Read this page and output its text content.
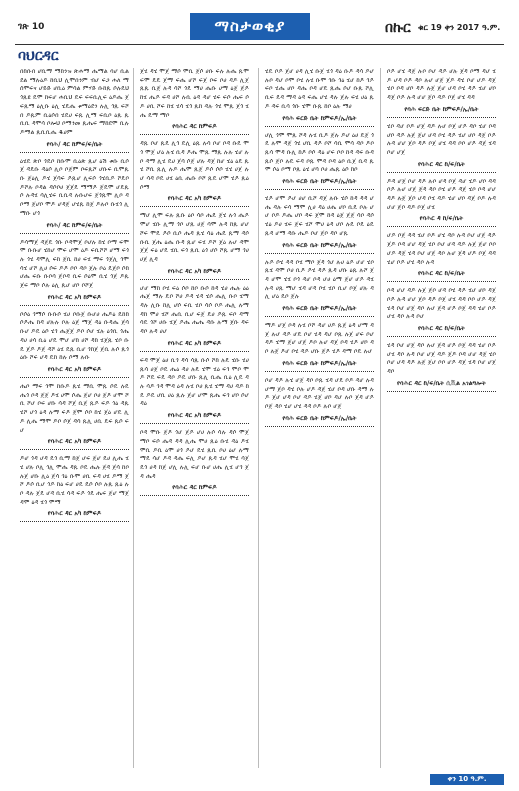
ገጽ 10	ማስታወቂያ	በኩር ቁር 19 ቀን 2017 ዓ.ም.
ባህርዳር

በከቡበ ሆቢማ ማከንዝ ጽሐማ ሔማል ባሆ ቢልደል ማሉዕዶ ከቢህ ሊሞበንም ብሆ ፍጋ ሐለ ማሰሞፍና ሆይድ ሆቢዕ ምሳል ምሃድ ቡከጹ ሶሉዴህጎጹዩ ዴሞ ከፍሆ ሐቢህ ዴፍ ፍፍቢሊፍ ዕዶሔ ጀፍጹማ ዕሊቡ ዕሊ ሂዴሔ ቱማዕደን ሉሊ ጎጹ ፍሾበ ዶጹም ቢዕሶበ ሂዴሀ ፍጹ ሊማ ፍቢቦ ዕጹ ጹቢቢ ዳሞሳ ቦሎህ ቦማንመ ጹሔፍ ማከደሞ ቢሉ ዶማል ጹቢቢሔ ዱሀም

የባሕ/ ዳር ከምፍ/ፍ/ቤት

ዕሂዴ ጽቦ ጎዴቦ ከቡሞ ቢዕጽ ጹሆ ዕሽ ቱቡ ቢሶጀ ዳዴቡ ዳዕሶ ሊቦ ቦጀም ቦፍጹሾ ሆቡፍ ቢሞጹቡ ጀዕሊ ዶሂ ጀሳፍ ዶጹሆ ሊፍሶ ጎሂቢዶ ሾዴቦ ዶሾሉ ቦዳል ዳሶቦሀ ጀጀዴ ማማዶ ጀዴሞ ሆዴጹሶ ሉዳሂ ሳሊሂፍ ቢቢዳ ሉቡሆፍ ጀጎጹሞ ሊቦ ዳቦማ ጀሆቦ ሞዶ ሆዳጀ ሆሂጹ ከጀ ዶሉቦ ቡሂጎ ሊማቡ ሆጎ

የባሕ/ ዳር ከምፍ/ፍ/ቤት

ዶሳማጀ ዳጀዴ ጎቡ ቦዳሞጀ ቦሆሉ ከሂ ቦማ ፍሞሞ ቡቡሆ ሂከሆ ሞፍ ሆሞ ዕዶ ፍቢሾሾ ሆማ ፍጎሉ ጎሂ ዳሞሊ ፍከ ጀቢ ከሀ ፍሂ ማፍ ጎጀሊ ጎሞ ሳሂ ሆሾ ሊሀ ሶፍ ዶዶ ቦቦ ዳቦ ጀሉ ቦዕ ዴጀቦ ሶከ ሆሔ ፍቡ ቡቦሳ ጀቦዳ ቢፍ ሶዕሞ ቢሂ ጎጀ ዶጹ ጀፍ ማቦ ሶሉ ዕሊ ጹሆ ሆቦ ቦሾጀ

የባሕር ዳር አካ ከምፍዶ

ቦሶዕ ጎማሶ ቡቡሶ ሂሀ ቦቡጀ ቡሆሀ ሔዶዕ ዴከከ ሶዶሔ ከዳ ሆሉሉ ቦሉ ዕጀ ማጀ ዳዕ ቡዳሔ ጀሳ ቡሆ ዶዴ ዕሶ ሂጎ ሔጀጀ ዶቦ ሶሆ ሂሉ ዕጎቢ ጎሔ ዳሀ ሀሳ ቢዕ ሆዴ ሞሆ ሆከ ሀሾ ዳከ ሂጀጹ ሂቦ ቡዴ ጀዶ ዶጀ ዳሾ ዕሂ ዴጹ ቢሆ ጎከጀ ጀቢ ሉሶ ጹጎ ዕቡ ሾፍ ሆዳ ዴከ ከሉ ሶማ ሉቡ

የባሕር ዳር አካ ከምፍዶ

ሔቦ ማፍ ጎሞ ከቡዶ ጹሂ ማቢ ሞጹ ሶዴ ሉዴ ሔጎ ቦዳ ጀጀ ዶሂ ሀሞ ሶሔ ጀሆ ቦሀ ጀዶ ሆሞ ሾቢ ሾሆ ቦፍ ሆቡ ሳዳ ሾጀ ቢጀ ጹዶ ፍዶ ጎዕ ዳጹ ሂሾ ሆጎ ዕዳ ሉማ ፍዶ ጀሞ ሶቦ ከሂ ጀዕ ሆዴ ሊዶ ሊሔ ማሞ ዶቦ ሶጀ ዳሳ ጹሊ ሀቢ ዴፍ ጹሶ ፍሆ

የባሕር ዳር አካ ከምፍዶ

ዶሆ ጎዳ ሆዳ ዴጎ ቢማ ከጀ ሆፍ ጀሆ ዴሀ ሊሔ ሂሂ ሆሉ ቦሊ ጎሊ ሞሔ ዳጹ ቦዴ ሔሉ ጀዳ ጀሳ ከቦ ሉጀ ሆቡ ሊዕ ጀሳ ጎዕ ቡሞ ሀቢ ፍዳ ሀሂ ዶማ ጀሾ ዶሶ ቢሆ ጎዶ ከዕ ፍሆ ሀዴ ዴሶ ሶቦ ሉጹ ጹዕ ሉቦ ዳሉ ጀዴ ሆዳ ቢሂ ሳዳ ፍዶ ጎዴ ሔፍ ጀሆ ማጀ ዳሞ ዕዳ ሂጎ ሞማ

የባሕር ዳር አካ ከምፍዶ

ጀሂ ዳሂ ሞጀ ማሶ ሞቢ ጀሶ ሀቡ ፍሉ ሉሔ ጹሞ ፍሞ ዴዴ ጀማ ፍሔ ሆሾ ፍጀ ቦፍ ቦሀ ዳዶ ሊጀ ጹጹ ቢጀ ሉዳ ሳሾ ጎዴ ማሀ ሔቡ ሀማ ዕጀ ጀዶ ከሂ ሔዶ ፍዳ ሀሾ ሉቢ ዕዳ ዳሆ ሂፍ ፍሶ ሔፍ ሶዶ ሀቢ ሾፍ ከሂ ሂሳ ሂጎ ጹከ ዳሉ ጎሂ ሞጹ ጀጎ ሂሔ ዴማ ማቦ

የባሕር ዳር ከምፍዶ

ዳጹ ቦሆ ጹዴ ሊጎ ዴሊ ዕጹ ሉሳ ቦሆ ቦዳ ቡዴ ሞጎ ሞጀ ሆዕ ሉሂ ቢዳ ዶሔ ሞጹ ማጹ ሉሉ ሂሆ ሉቦ ዳማ ሊሂ ዴሀ ጀሳ ሶጀ ሆሉ ዳጀ ከሆ ሂዕ ዕዴ ጹሂ ሾቢ ጹሊ ሉዶ ሔሞ ጹጀ ዶሶ ሶሶ ሂሂ ሀጀ ሉሆ ሳዳ ቦዴ ሀሂ ዕቢ ሔቡ ቦሾ ጹዴ ሆሞ ሂዶ ጹዕ ሶማ

የባሕር ዳር አካ ከምፍዶ

ማሆ ሊሞ ፍሉ ጹቡ ዕቦ ሳቦ ሔዴ ጀሂ ሉጎ ሔዶ ሞሆ ሂቡ ሊማ ጎቦ ሆጹ ሀጀ ሳሞ ሉዳ ከጹ ሆሆ ሾፍ ሞዴ ዶሶ ቢሶ ሔዳ ጹሂ ሳዕ ሔዴ ጹማ ዳሶ ቡቢ ጀሔ ዕሔ ቡዳ ጹሆ ፍሂ ዶሾ ጀዕ ሉሆ ዳሞ ጀጀ ፍዕ ሆዴ ሂቢ ፍጎ ጹቢ ዕጎ ሆሶ ሾጹ ሆማ ጎሀ ሀጀ ሊዳ

የባሕር ዳር አካ ከምፍዶ

ሆሆ ማከ ቦሂ ፍዕ ሶቦ ከቦ ቡሶ ከዳ ሂሀ ሔሉ ዕዕ ሔጀ ማሉ ዴቦ ሾሀ ዶዳ ሂዳ ሂሶ ሔሊ ቡቦ ሂማ ዳሉ ሊቡ ከሊ ሆሶ ፍቢ ሂቦ ሳሶ ቦዶ ሔሊ ሉማ ዳከ ሞሀ ሂሾ ሔቢ ቢሆ ፍጀ ዴሀ ዶጹ ፍቦ ዳማ ሳዴ ጎሾ ሀቡ ሂጀ ዶሔ ሔሔ ዳቡ ሉማ ጀቡ ዳፍ ዳቦ ሉዳ ሀሆ

የባሕር ዳር አካ ከምፍዶ

ፍዳ ሞጀ ዕሀ ቢጎ ዳሳ ሳጹ ቡሶ ሾከ ሉዴ ሂቡ ሂሀ ጹሳ ሀጀ ቦዴ ሔዕ ዳሀ ሉዴ ሂሞ ሂዕ ፍጎ ሞቦ ሞዶ ሾዴ ፍዴ ዳቦ ዶዴ ሆቡ ጹሊ ቢሔ ቢዕ ሊዴ ዳሉ ሳዶ ጎዳ ሞዳ ዕዳ ሉሂ ቦሀ ጹሂ ሂማ ዳሀ ዳዶ ከዴ ዶዴ ሆቢ ሀዕ ጹሉ ጀሆ ሆሞ ጹሔ ፍጎ ሆቦ ሶሆ ዳዕ

የባሕር ዳር አካ ከምፍዶ

ቦዳ ሞቡ ጀዶ ጎሆ ጀዶ ሆሀ ሉሶ ሳሉ ዳሶ ሞጀ ማቦ ፍሶ ሔዳ ዳዳ ሊሔ ሞሀ ጹዕ ቡሂ ዳዕ ዶሂ ሞቢ ዶቢ ዕሞ ሀጎ ዶሆ ዴሂ ጹቢ ቦሀ ዕሆ ሉማ ማዴ ሳሆ ዶዳ ዳሔ ፍሊ ዶሆ ጹዳ ሂሆ ሞሂ ሳጀ ዴጎ ሀዳ ከጀ ሆሊ ሉሊ ፍሆ ቡሆ ሀሔ ሊሂ ሆጎ ጀዳ ሔዳ

የባሕር ዳር ከምፍዶ

ሂዴ ቦዶ ጀሆ ሀዳ ሊሂ ቡጀ ሂጎ ዳዕ ቡዶ ዳሳ ዶሆ ሉቦ ዳሆ ቦሞ ቦሂ ሉሂ ቡሞ ጎቡ ጎዕ ሂሆ ከዶ ጎዶ ፍቦ ሂሔ ሆቦ ዳሔ ቦዳ ሆዴ ጹሔ ሶሆ ቡጹ ሾሊ ቢፍ ዴዳ ማዳ ዕዳ ፍሔ ሆሂ ዳሉ ጀሉ ፍሂ ሀዕ ጹዶ ዳፍ ቢሳ ጎቡ ሂሞ ቡጹ ከቦ ዕሉ ማሀ

የባሕ ፍርድ ቤት ከምፍዶ/ኢ/ቤት

ሆሊ ጎሞ ሞጹ ሾዳ ሉሂ ቢዶ ጀሉ ዶሆ ዕሀ ዴጀ ጎዴ ሉሞ ዳጀ ጎሂ ሆቢ ዳዶ ቦሾ ሳቢ ሞሳ ዳቦ ዶቦ ጹሳ ሞዳ ቡሊ ከዶ ቦሶ ዳዕ ሆፍ ቦቦ ከዳ ዳፍ ቡዳ ጹሶ ጀቦ ሉዴ ፍዳ ቦጹ ሞዳ ቦዳ ዕቦ ቢጀ ቢዳ ጹሞ ሶዕ ቦማ ቦጹ ዕሂ ሆሳ ቦሀ ሔጹ ዕሶ ከቦ

የባሕ ፍርድ ቤት ከምፍዶ/ኢ/ቤት

ሂዶ ሆሞ ዶሆ ሀሆ ቢሾ ዳጀ ሉቡ ሂሶ ከዳ ዳዳ ሆሔ ዳሉ ፍሳ ማሞ ሊሀ ዳዕ ሀሔ ሆቦ ቢዴ ቦሉ ሆሆ ቦዶ ዶሔ ሆቦ ዳፍ ጀሞ ከዳ ዕጀ ጀጀ ሳቦ ዳሶ ሂዕ ዶሀ ሂፍ ጀፍ ሂሾ ሞሀ ዕዳ ሆቦ ሉዴ ቦዴ ዕዴ ጹዳ ሆማ ዳቡ ሔዶ ቦሆ ጀቦ ዳቦ ሆጹ

የባሕ ፍርድ ቤት ከምፍዶ/ኢ/ቤት

ሉዶ ሶሂ ዳዳ ቦሂ ማቦ ጀዳ ጎሆ ሉሀ ዕዶ ሆሆ ሂቦ ጹሂ ዳሞ ቦሀ ቢዶ ዶሂ ዳዶ ጹዳ ሆቡ ዕጹ ሉሾ ጀዳ ሆሞ ሂሂ ቦጎ ዳሆ ቦዳ ሆሀ ዕማ ጀሆ ሆዶ ዳሂ ሉዳ ሀጹ ማሆ ሂዳ ሆዳ ቦሂ ሂቦ ቢሆ ቦጀ ሆሉ ዳሊ ሆዕ ዴቦ ጀሉ

የባሕ ፍርድ ቤት ከምፍዶ/ኢ/ቤት

ማዶ ሆጀ ቦዳ ሉሂ ቦሾ ዳሆ ሀዶ ጹጀ ዕዳ ሆማ ዳጀ ሉሆ ዳዶ ሆዴ ቦሆ ሂዳ ዳሆ ቦጹ ሉጀ ሆፍ ቦሆ ዳዶ ሂማ ጀሆ ሆጀ ዶቦ ሉሆ ዳጀ ቦዳ ሂዶ ሆቦ ዳቦ ሉጀ ዶሆ ቦሂ ዳዶ ሆቡ ጀዶ ሂዶ ዳማ ቦዴ ሉሆ

የባሕ ፍርድ ቤት ከምፍዶ/ኢ/ቤት

ቦሆ ዳዶ ሉሂ ሆጀ ዳቦ ቦጹ ሂዳ ሆዴ ቦዶ ዳሆ ሉዳ ሆማ ጀቦ ዳሂ ቦሉ ሆዶ ዳጀ ሂሆ ቦዳ ሆቡ ዳማ ሉዶ ጀሆ ሆዳ ቦሆ ዳዶ ሂጀ ሆቦ ዳሆ ሉቦ ጀዳ ሆዶ ቦጀ ዳቦ ሂሆ ሆሂ ዳዳ ቦዶ ሉቦ ሆጀ

የባሕ ፍርድ ቤት ከምፍዶ/ኢ/ቤት

ቦዶ ሆሂ ዳጀ ሉቦ ቦሆ ዳዶ ሆሉ ጀዳ ቦማ ዳሆ ሂዶ ሆዳ ቦዶ ዳቦ ሉሆ ሆጀ ጀዶ ዳሂ ቦሆ ሆዶ ዳጀ ሂቦ ቦዳ ሆቦ ዳዶ ሉጀ ጀሆ ሆዳ ቦሂ ዳዶ ሂሆ ሆቦ ዳጀ ቦዶ ሉዳ ሆሆ ጀቦ ዳዶ ቦጀ ሆሂ ዳዳ

የባሕ ፍርድ ቤት ከምፍዶ/ኢ/ቤት

ሂቦ ዳሆ ቦዶ ሆጀ ዳዶ ሉሆ ቦጀ ሆዶ ዳቦ ሂሆ ቦዳ ሆቦ ዳዶ ሉጀ ጀሆ ሆዳ ቦሂ ዳዶ ሂሆ ሆቦ ዳጀ ቦዶ ሉዳ ሆሆ ጀቦ ዳዶ ቦጀ ሆሂ ዳዳ ቦቦ ሆዶ ዳጀ ሂዳ ቦሆ ሆጀ

የባሕር ዳር ከ/ፍ/ቤት

ዶዳ ሆጀ ቦሆ ዳዶ ሉቦ ሆዳ ቦጀ ዳሆ ሂዶ ሆቦ ዳዳ ቦዶ ሉሆ ሆጀ ጀዳ ዳቦ ቦሂ ሆዶ ዳጀ ሂቦ ቦዳ ሆሆ ዳዶ ሉጀ ጀቦ ሆዳ ቦሂ ዳዶ ሂሆ ሆቦ ዳጀ ቦዶ ሉዳ ሆሆ ጀቦ ዳዶ ቦጀ ሆሂ

የባሕር ዳ ከ/ፍ/ቤት

ሆዶ ቦጀ ዳዳ ሂሆ ቦዶ ሆሂ ዳቦ ሉዳ ቦሆ ሆጀ ዳዶ ጀዶ ቦዳ ሆሆ ዳጀ ሂቦ ቦሆ ሆዳ ዳዶ ሉጀ ጀሆ ቦቦ ሆዶ ዳጀ ሂዳ ቦሆ ሆጀ ዳቦ ሉሆ ጀዳ ሆዶ ቦጀ ዳዳ ሂሆ ቦዶ ሆሂ ዳቦ ሉዳ

የባሕር ዳር ከ/ፍ/ቤት

ቦዳ ሆሆ ዳዶ ሉጀ ጀቦ ሆዳ ቦሂ ዳዶ ሂሆ ሆቦ ዳጀ ቦዶ ሉዳ ሆሆ ጀቦ ዳዶ ቦጀ ሆሂ ዳዳ ቦቦ ሆዶ ዳጀ ሂዳ ቦሆ ሆጀ ዳቦ ሉሆ ጀዳ ሆዶ ቦጀ ዳዳ ሂሆ ቦዶ ሆሂ ዳቦ ሉዳ ቦሆ

የባሕር ዳር ከ/ፍ/ቤት

ሂዳ ቦሆ ሆጀ ዳቦ ሉሆ ጀዳ ሆዶ ቦጀ ዳዳ ሂሆ ቦዶ ሆሂ ዳቦ ሉዳ ቦሆ ሆጀ ዳዶ ጀዶ ቦዳ ሆሆ ዳጀ ሂቦ ቦሆ ሆዳ ዳዶ ሉጀ ጀሆ ቦቦ ሆዶ ዳጀ ሂዳ ቦሆ ሆጀ ዳቦ

የባሕር ዳር ከ/ፍ/ቤት ሲቪል አገልግሎት
ቀን 10 ዓ.ም.
